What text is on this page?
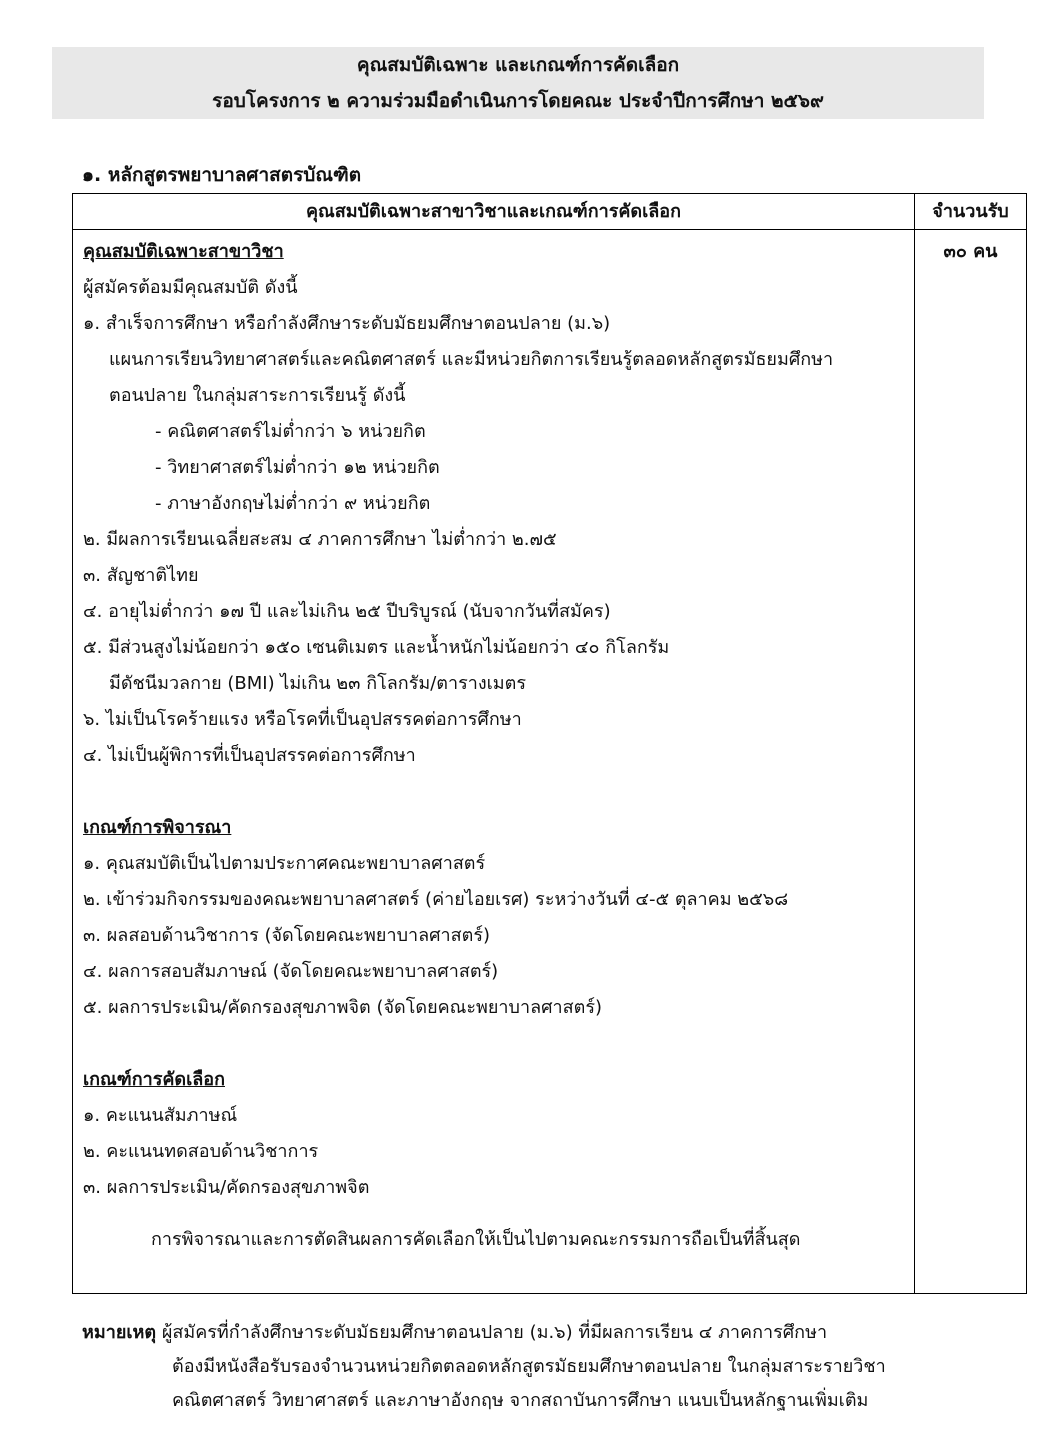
คุณสมบัติเฉพาะ และเกณฑ์การคัดเลือก
รอบโครงการ ๒ ความร่วมมือดำเนินการโดยคณะ ประจำปีการศึกษา ๒๕๖๙
๑. หลักสูตรพยาบาลศาสตรบัณฑิต
คุณสมบัติเฉพาะสาขาวิชาและเกณฑ์การคัดเลือก	จำนวนรับ
๓๐ คน
คุณสมบัติเฉพาะสาขาวิชา
ผู้สมัครต้อมมีคุณสมบัติ ดังนี้
๑. สำเร็จการศึกษา หรือกำลังศึกษาระดับมัธยมศึกษาตอนปลาย (ม.๖)
แผนการเรียนวิทยาศาสตร์และคณิตศาสตร์ และมีหน่วยกิตการเรียนรู้ตลอดหลักสูตรมัธยมศึกษา
ตอนปลาย ในกลุ่มสาระการเรียนรู้ ดังนี้
- คณิตศาสตร์ไม่ต่ำกว่า ๖ หน่วยกิต
- วิทยาศาสตร์ไม่ต่ำกว่า ๑๒ หน่วยกิต
- ภาษาอังกฤษไม่ต่ำกว่า ๙ หน่วยกิต
๒. มีผลการเรียนเฉลี่ยสะสม ๔ ภาคการศึกษา ไม่ต่ำกว่า ๒.๗๕
๓. สัญชาติไทย
๔. อายุไม่ต่ำกว่า ๑๗ ปี และไม่เกิน ๒๕ ปีบริบูรณ์ (นับจากวันที่สมัคร)
๕. มีส่วนสูงไม่น้อยกว่า ๑๕๐ เซนติเมตร และน้ำหนักไม่น้อยกว่า ๔๐ กิโลกรัม
มีดัชนีมวลกาย (BMI) ไม่เกิน ๒๓ กิโลกรัม/ตารางเมตร
๖. ไม่เป็นโรคร้ายแรง หรือโรคที่เป็นอุปสรรคต่อการศึกษา
๔. ไม่เป็นผู้พิการที่เป็นอุปสรรคต่อการศึกษา
เกณฑ์การพิจารณา
๑. คุณสมบัติเป็นไปตามประกาศคณะพยาบาลศาสตร์
๒. เข้าร่วมกิจกรรมของคณะพยาบาลศาสตร์ (ค่ายไอยเรศ) ระหว่างวันที่ ๔-๕ ตุลาคม ๒๕๖๘
๓. ผลสอบด้านวิชาการ (จัดโดยคณะพยาบาลศาสตร์)
๔. ผลการสอบสัมภาษณ์ (จัดโดยคณะพยาบาลศาสตร์)
๕. ผลการประเมิน/คัดกรองสุขภาพจิต (จัดโดยคณะพยาบาลศาสตร์)
เกณฑ์การคัดเลือก
๑. คะแนนสัมภาษณ์
๒. คะแนนทดสอบด้านวิชาการ
๓. ผลการประเมิน/คัดกรองสุขภาพจิต
การพิจารณาและการตัดสินผลการคัดเลือกให้เป็นไปตามคณะกรรมการถือเป็นที่สิ้นสุด
หมายเหตุ ผู้สมัครที่กำลังศึกษาระดับมัธยมศึกษาตอนปลาย (ม.๖) ที่มีผลการเรียน ๔ ภาคการศึกษา
ต้องมีหนังสือรับรองจำนวนหน่วยกิตตลอดหลักสูตรมัธยมศึกษาตอนปลาย ในกลุ่มสาระรายวิชา
คณิตศาสตร์ วิทยาศาสตร์ และภาษาอังกฤษ จากสถาบันการศึกษา แนบเป็นหลักฐานเพิ่มเติม
